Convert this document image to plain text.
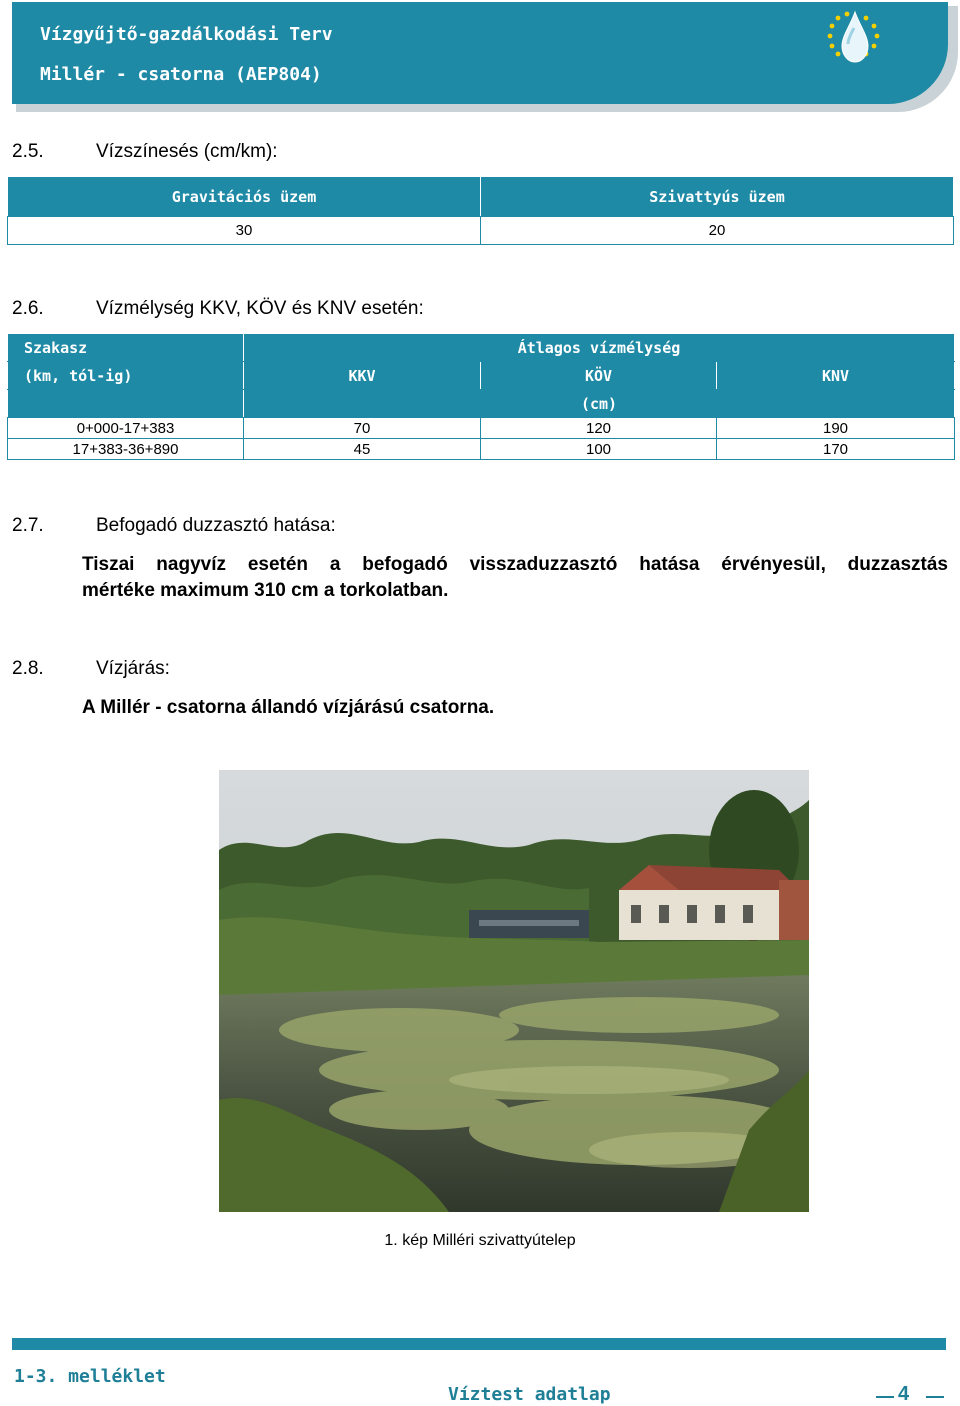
Vízgyűjtő-gazdálkodási Terv
Millér - csatorna (AEP804)
2.5.	Vízszínesés (cm/km):
Gravitációs üzem	Szivattyús üzem
30	20
2.6.	Vízmélység KKV, KÖV és KNV esetén:
Szakasz	Átlagos vízmélység		
(km, tól-ig)	KKV	KÖV	KNV
	(cm)		
0+000-17+383	70	120	190
17+383-36+890	45	100	170
2.7.	Befogadó duzzasztó hatása:
Tiszai nagyvíz esetén a befogadó visszaduzzasztó hatása érvényesül, duzzasztás
mértéke maximum 310 cm a torkolatban.
2.8.	Vízjárás:
A Millér - csatorna állandó vízjárású csatorna.
1. kép Milléri szivattyútelep
1-3. melléklet
Víztest adatlap	4
